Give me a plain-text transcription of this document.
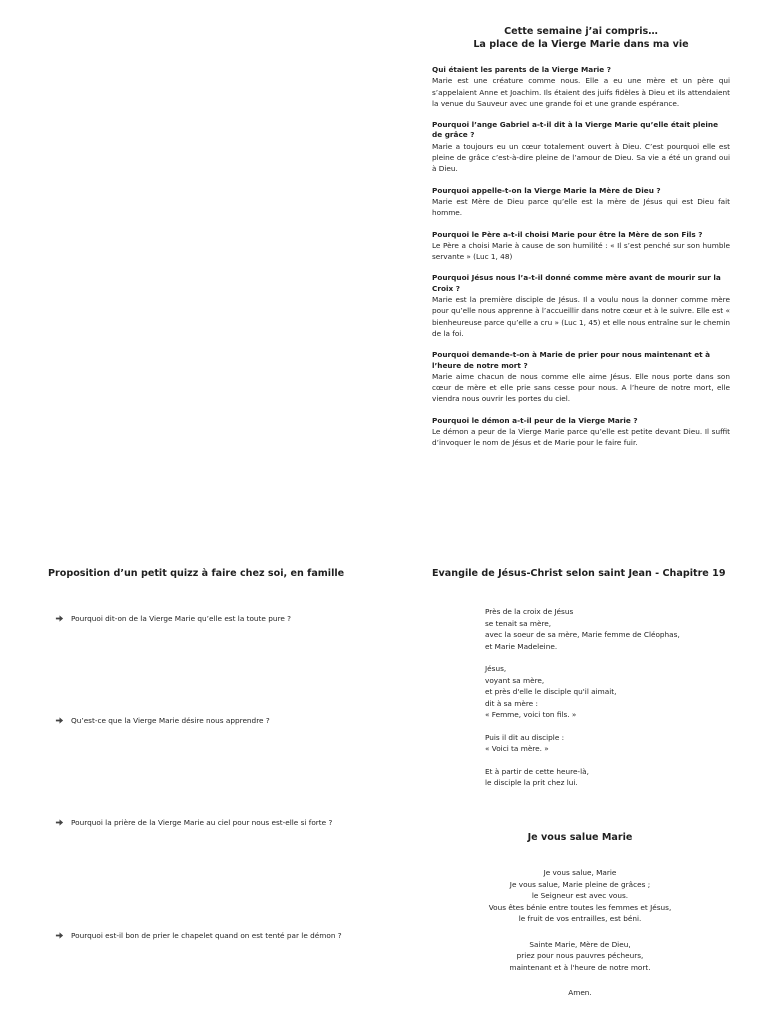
Cette semaine j’ai compris…
La place de la Vierge Marie dans ma vie
Qui étaient les parents de la Vierge Marie ?
Marie est une créature comme nous. Elle a eu une mère et un père qui s’appelaient Anne et Joachim. Ils étaient des juifs fidèles à Dieu et ils attendaient la venue du Sauveur avec une grande foi et une grande espérance.
Pourquoi l’ange Gabriel a-t-il dit à la Vierge Marie qu’elle était pleine de grâce ?
Marie a toujours eu un cœur totalement ouvert à Dieu. C’est pourquoi elle est pleine de grâce c’est-à-dire pleine de l’amour de Dieu. Sa vie a été un grand oui à Dieu.
Pourquoi appelle-t-on la Vierge Marie la Mère de Dieu ?
Marie est Mère de Dieu parce qu’elle est la mère de Jésus qui est Dieu fait homme.
Pourquoi le Père a-t-il choisi Marie pour être la Mère de son Fils ?
Le Père a choisi Marie à cause de son humilité : « Il s’est penché sur son humble servante » (Luc 1, 48)
Pourquoi Jésus nous l’a-t-il donné comme mère avant de mourir sur la Croix ?
Marie est la première disciple de Jésus. Il a voulu nous la donner comme mère pour qu’elle nous apprenne à l’accueillir dans notre cœur et à le suivre. Elle est « bienheureuse parce qu’elle a cru » (Luc 1, 45) et elle nous entraîne sur le chemin de la foi.
Pourquoi demande-t-on à Marie de prier pour nous maintenant et à l’heure de notre mort ?
Marie aime chacun de nous comme elle aime Jésus. Elle nous porte dans son cœur de mère et elle prie sans cesse pour nous. A l’heure de notre mort, elle viendra nous ouvrir les portes du ciel.
Pourquoi le démon a-t-il peur de la Vierge Marie ?
Le démon a peur de la Vierge Marie parce qu’elle est petite devant Dieu. Il suffit d’invoquer le nom de Jésus et de Marie pour le faire fuir.
Proposition d’un petit quizz à faire chez soi, en famille
Pourquoi dit-on de la Vierge Marie qu’elle est la toute pure ?
Qu’est-ce que la Vierge Marie désire nous apprendre ?
Pourquoi la prière de la Vierge Marie au ciel pour nous est-elle si forte ?
Pourquoi est-il bon de prier le chapelet quand on est tenté par le démon ?
Evangile de Jésus-Christ selon saint Jean - Chapitre 19
Près de la croix de Jésus
se tenait sa mère,
avec la soeur de sa mère, Marie femme de Cléophas,
et Marie Madeleine.
Jésus,
voyant sa mère,
et près d'elle le disciple qu'il aimait,
dit à sa mère :
« Femme, voici ton fils. »
Puis il dit au disciple :
« Voici ta mère. »
Et à partir de cette heure-là,
le disciple la prit chez lui.
Je vous salue Marie
Je vous salue, Marie
Je vous salue, Marie pleine de grâces ;
le Seigneur est avec vous.
Vous êtes bénie entre toutes les femmes et Jésus,
le fruit de vos entrailles, est béni.
Sainte Marie, Mère de Dieu,
priez pour nous pauvres pécheurs,
maintenant et à l'heure de notre mort.
Amen.
